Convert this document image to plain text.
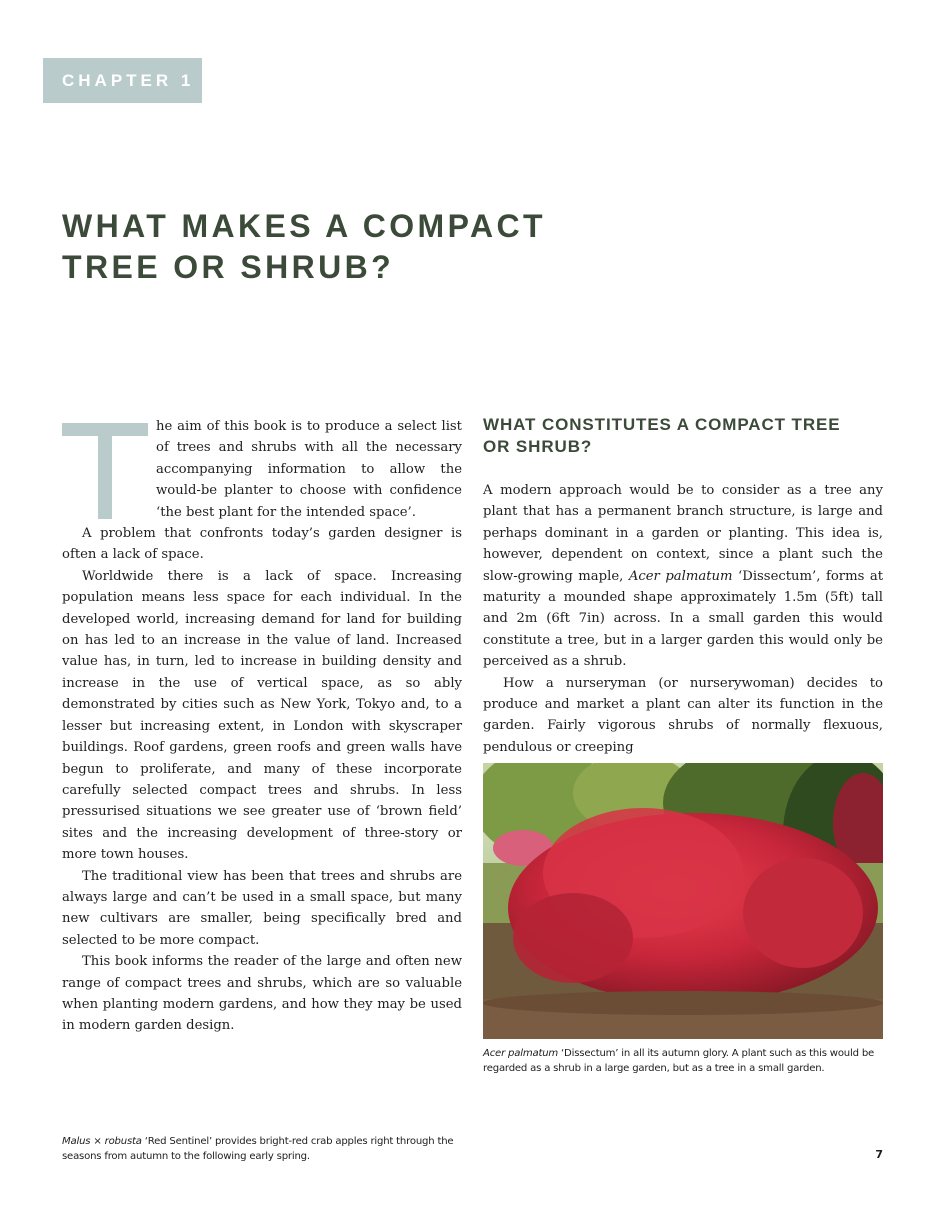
CHAPTER 1
WHAT MAKES A COMPACT
TREE OR SHRUB?

he aim of this book is to produce a select list of trees and shrubs with all the necessary accompanying information to allow the would-be planter to choose with confidence ‘the best plant for the intended space’.

A problem that confronts today’s garden designer is often a lack of space.

Worldwide there is a lack of space. Increasing population means less space for each individual. In the developed world, increasing demand for land for building on has led to an increase in the value of land. Increased value has, in turn, led to increase in building density and increase in the use of vertical space, as so ably demonstrated by cities such as New York, Tokyo and, to a lesser but increasing extent, in London with skyscraper buildings. Roof gardens, green roofs and green walls have begun to proliferate, and many of these incorporate carefully selected compact trees and shrubs. In less pressurised situations we see greater use of ‘brown field’ sites and the increasing development of three-story or more town houses.

The traditional view has been that trees and shrubs are always large and can’t be used in a small space, but many new cultivars are smaller, being specifically bred and selected to be more compact.

This book informs the reader of the large and often new range of compact trees and shrubs, which are so valuable when planting modern gardens, and how they may be used in modern garden design.

WHAT CONSTITUTES A COMPACT TREE
OR SHRUB?

A modern approach would be to consider as a tree any plant that has a permanent branch structure, is large and perhaps dominant in a garden or planting. This idea is, however, dependent on context, since a plant such the slow-growing maple, Acer palmatum ‘Dissectum’, forms at maturity a mounded shape approximately 1.5m (5ft) tall and 2m (6ft 7in) across. In a small garden this would constitute a tree, but in a larger garden this would only be perceived as a shrub.

How a nurseryman (or nurserywoman) decides to produce and market a plant can alter its function in the garden. Fairly vigorous shrubs of normally flexuous, pendulous or creeping

Acer palmatum ‘Dissectum’ in all its autumn glory. A plant such as this would be regarded as a shrub in a large garden, but as a tree in a small garden.
Malus × robusta ‘Red Sentinel’ provides bright-red crab apples right through the seasons from autumn to the following early spring.	7
